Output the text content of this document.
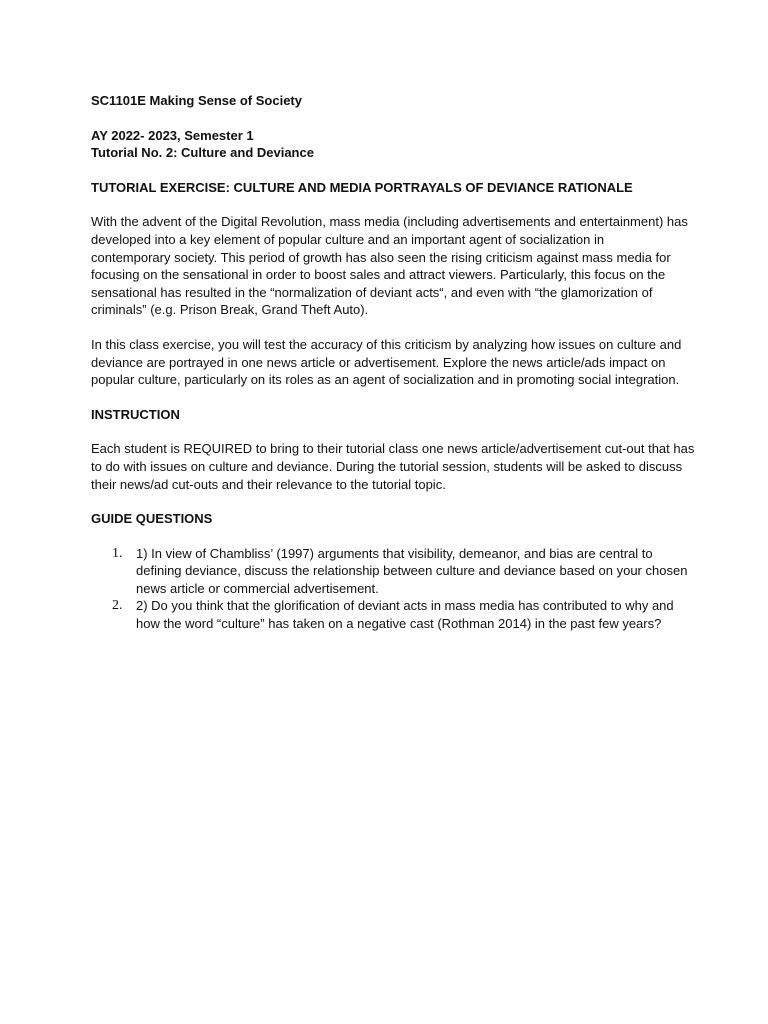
SC1101E Making Sense of Society
AY 2022- 2023, Semester 1
Tutorial No. 2: Culture and Deviance
TUTORIAL EXERCISE: CULTURE AND MEDIA PORTRAYALS OF DEVIANCE RATIONALE
With the advent of the Digital Revolution, mass media (including advertisements and entertainment) has
developed into a key element of popular culture and an important agent of socialization in
contemporary society. This period of growth has also seen the rising criticism against mass media for
focusing on the sensational in order to boost sales and attract viewers. Particularly, this focus on the
sensational has resulted in the “normalization of deviant acts“, and even with “the glamorization of
criminals” (e.g. Prison Break, Grand Theft Auto).
In this class exercise, you will test the accuracy of this criticism by analyzing how issues on culture and
deviance are portrayed in one news article or advertisement. Explore the news article/ads impact on
popular culture, particularly on its roles as an agent of socialization and in promoting social integration.
INSTRUCTION
Each student is REQUIRED to bring to their tutorial class one news article/advertisement cut-out that has
to do with issues on culture and deviance. During the tutorial session, students will be asked to discuss
their news/ad cut-outs and their relevance to the tutorial topic.
GUIDE QUESTIONS
1. 1) In view of Chambliss’ (1997) arguments that visibility, demeanor, and bias are central to
defining deviance, discuss the relationship between culture and deviance based on your chosen
news article or commercial advertisement.
2. 2) Do you think that the glorification of deviant acts in mass media has contributed to why and
how the word “culture” has taken on a negative cast (Rothman 2014) in the past few years?
